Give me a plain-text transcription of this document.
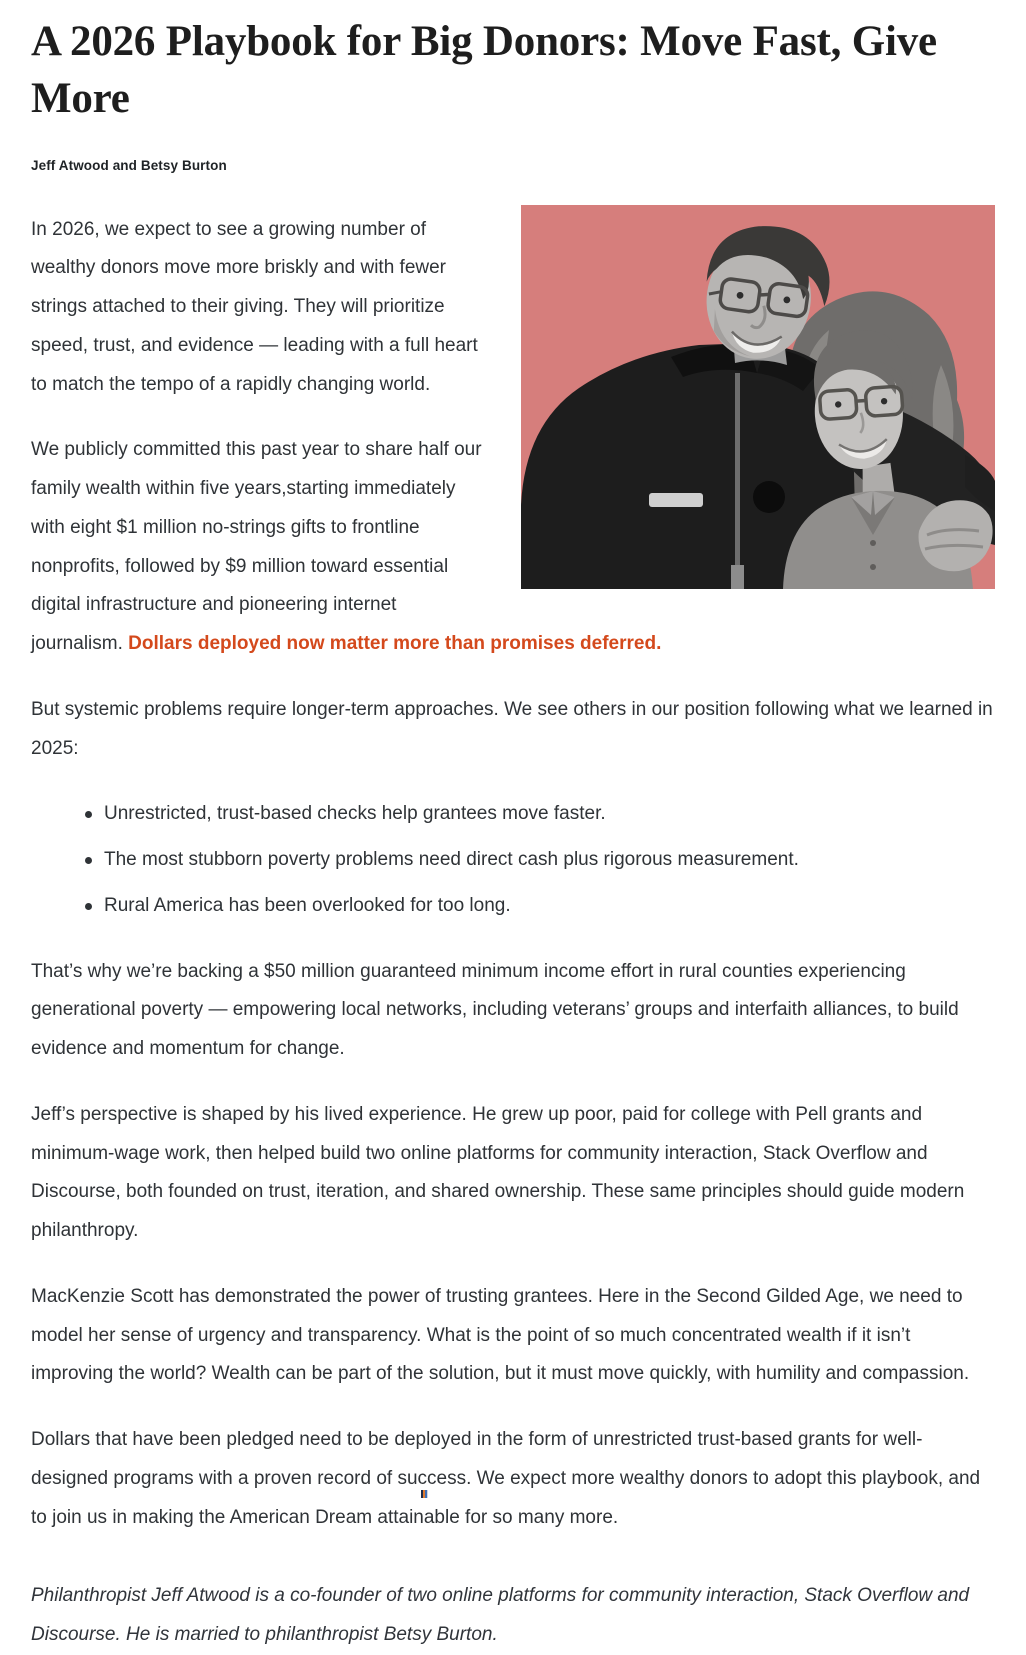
A 2026 Playbook for Big Donors: Move Fast, Give More
Jeff Atwood and Betsy Burton

In 2026, we expect to see a growing number of wealthy donors move more briskly and with fewer strings attached to their giving. They will prioritize speed, trust, and evidence — leading with a full heart to match the tempo of a rapidly changing world.

We publicly committed this past year to share half our family wealth within five years,starting immediately with eight $1 million no-strings gifts to frontline nonprofits, followed by $9 million toward essential digital infrastructure and pioneering internet journalism. Dollars deployed now matter more than promises deferred.

But systemic problems require longer-term approaches. We see others in our position following what we learned in 2025:

Unrestricted, trust-based checks help grantees move faster.
The most stubborn poverty problems need direct cash plus rigorous measurement.
Rural America has been overlooked for too long.

That’s why we’re backing a $50 million guaranteed minimum income effort in rural counties experiencing generational poverty — empowering local networks, including veterans’ groups and interfaith alliances, to build evidence and momentum for change.

Jeff’s perspective is shaped by his lived experience. He grew up poor, paid for college with Pell grants and minimum-wage work, then helped build two online platforms for community interaction, Stack Overflow and Discourse, both founded on trust, iteration, and shared ownership. These same principles should guide modern philanthropy.

MacKenzie Scott has demonstrated the power of trusting grantees. Here in the Second Gilded Age, we need to model her sense of urgency and transparency. What is the point of so much concentrated wealth if it isn’t improving the world? Wealth can be part of the solution, but it must move quickly, with humility and compassion.

Dollars that have been pledged need to be deployed in the form of unrestricted trust-based grants for well-designed programs with a proven record of success. We expect more wealthy donors to adopt this playbook, and to join us in making the American Dream attainable for so many more.

Philanthropist Jeff Atwood is a co-founder of two online platforms for community interaction, Stack Overflow and Discourse. He is married to philanthropist Betsy Burton.
